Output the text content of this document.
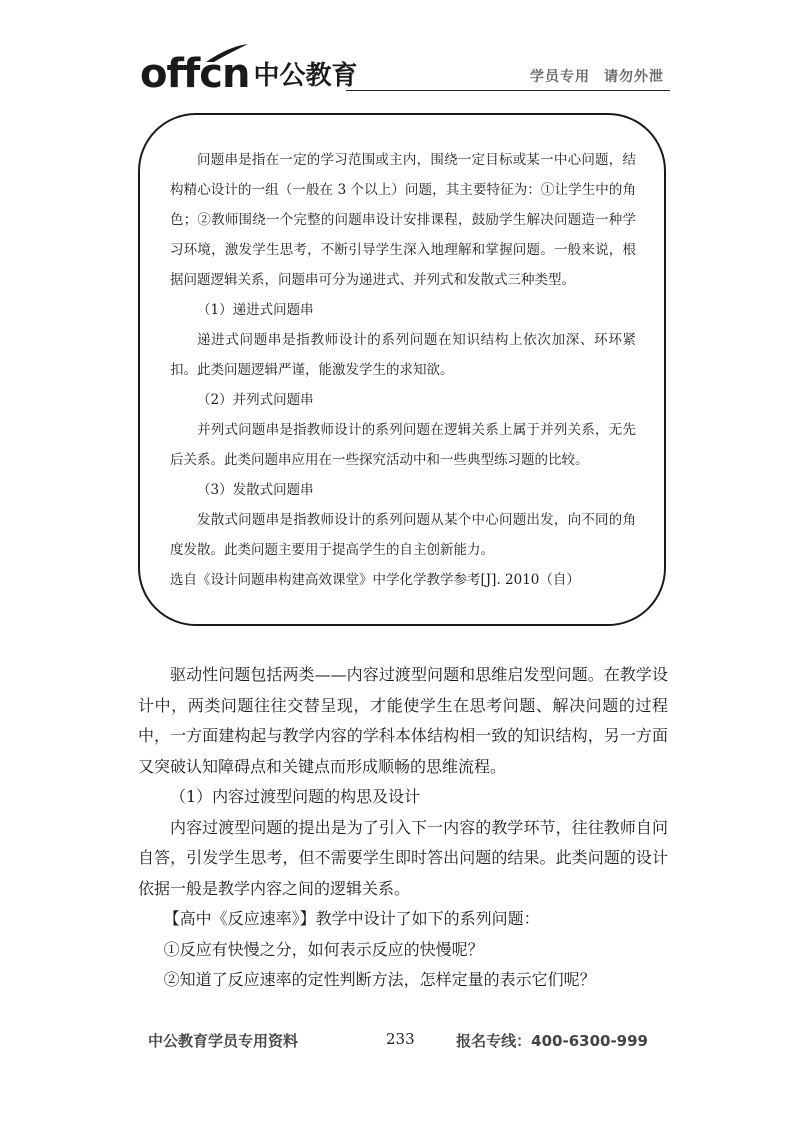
offcn 中公教育	学员专用 请勿外泄

问题串是指在一定的学习范围或主内，围绕一定目标或某一中心问题，结构精心设计的一组（一般在 3 个以上）问题，其主要特征为：①让学生中的角色；②教师围绕一个完整的问题串设计安排课程，鼓励学生解决问题造一种学习环境，激发学生思考，不断引导学生深入地理解和掌握问题。一般来说，根据问题逻辑关系，问题串可分为递进式、并列式和发散式三种类型。

（1）递进式问题串

递进式问题串是指教师设计的系列问题在知识结构上依次加深、环环紧扣。此类问题逻辑严谨，能激发学生的求知欲。

（2）并列式问题串

并列式问题串是指教师设计的系列问题在逻辑关系上属于并列关系，无先后关系。此类问题串应用在一些探究活动中和一些典型练习题的比较。

（3）发散式问题串

发散式问题串是指教师设计的系列问题从某个中心问题出发，向不同的角度发散。此类问题主要用于提高学生的自主创新能力。

选自《设计问题串构建高效课堂》中学化学教学参考[J]. 2010（自）

驱动性问题包括两类——内容过渡型问题和思维启发型问题。在教学设计中，两类问题往往交替呈现，才能使学生在思考问题、解决问题的过程中，一方面建构起与教学内容的学科本体结构相一致的知识结构，另一方面又突破认知障碍点和关键点而形成顺畅的思维流程。

（1）内容过渡型问题的构思及设计

内容过渡型问题的提出是为了引入下一内容的教学环节，往往教师自问自答，引发学生思考，但不需要学生即时答出问题的结果。此类问题的设计依据一般是教学内容之间的逻辑关系。

【高中《反应速率》】教学中设计了如下的系列问题：

①反应有快慢之分，如何表示反应的快慢呢？

②知道了反应速率的定性判断方法，怎样定量的表示它们呢？

中公教育学员专用资料	233	报名专线：400-6300-999
